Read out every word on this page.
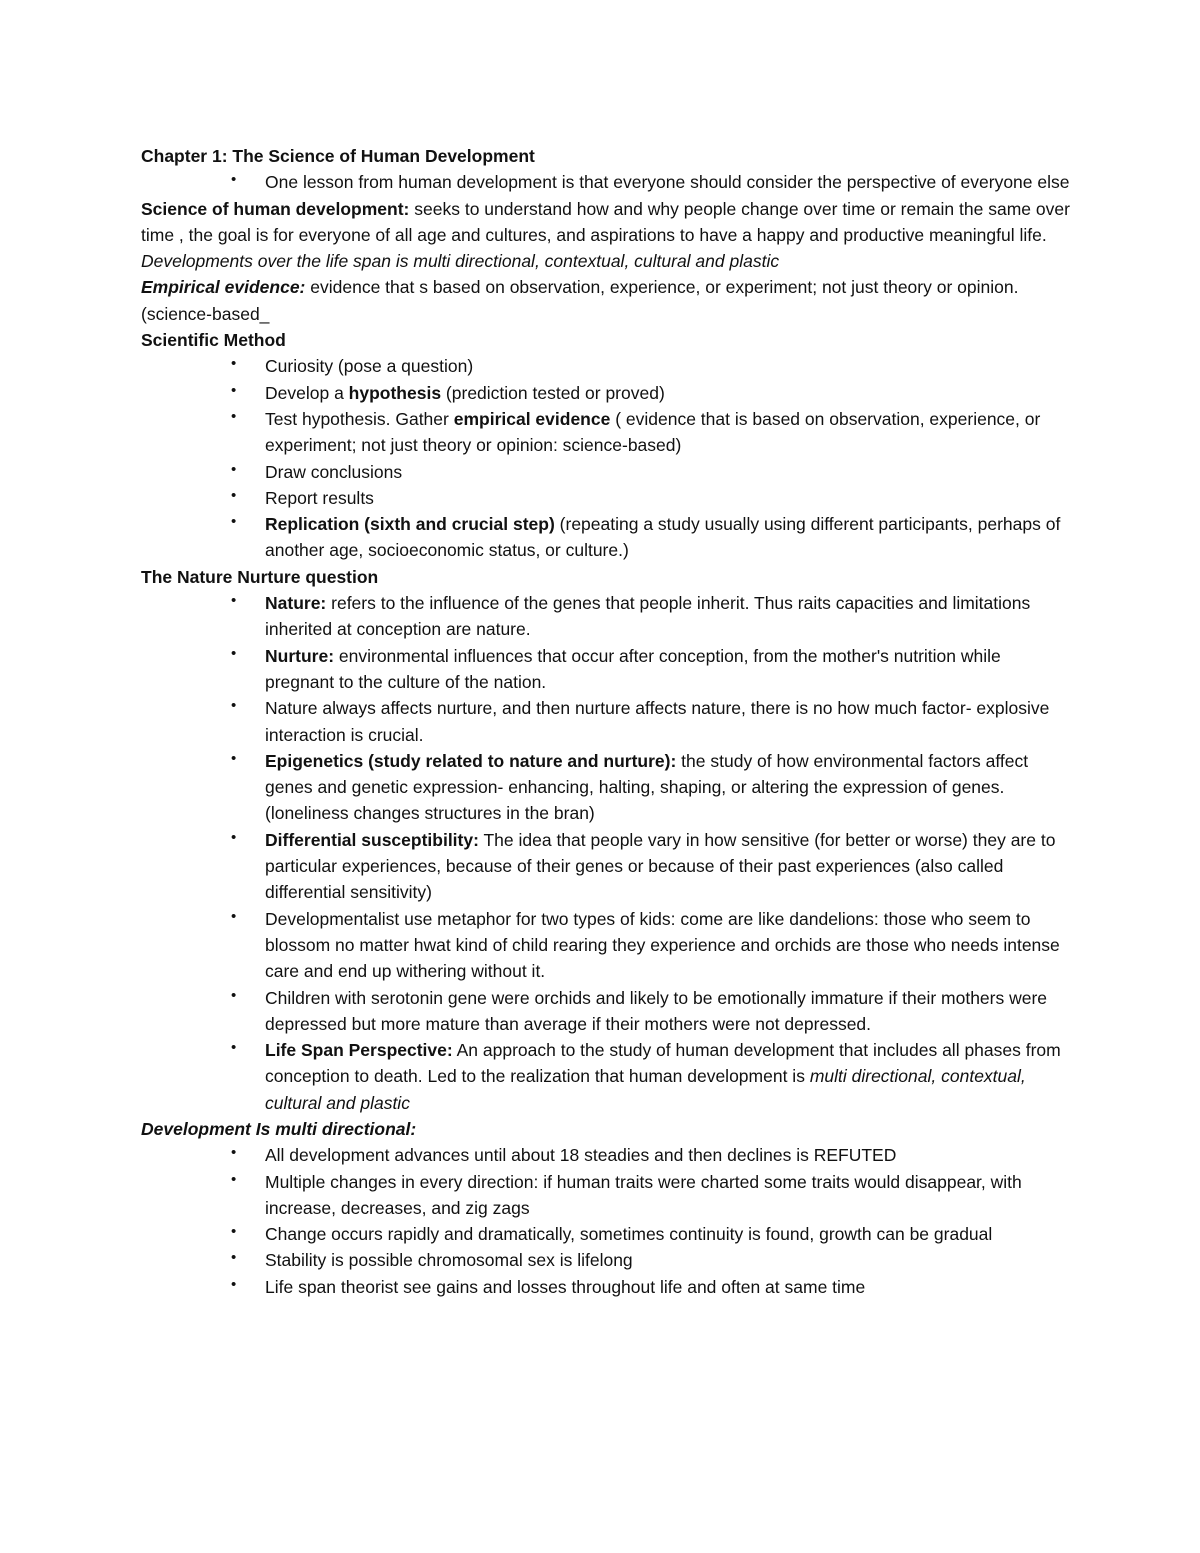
Chapter 1: The Science of Human Development

• One lesson from human development is that everyone should consider the perspective of everyone else

Science of human development: seeks to understand how and why people change over time or remain the same over time , the goal is for everyone of all age and cultures, and aspirations to have a happy and productive meaningful life.

Developments over the life span is multi directional, contextual, cultural and plastic

Empirical evidence: evidence that s based on observation, experience, or experiment; not just theory or opinion. (science-based_

Scientific Method

• Curiosity (pose a question)
• Develop a hypothesis (prediction tested or proved)
• Test hypothesis. Gather empirical evidence ( evidence that is based on observation, experience, or experiment; not just theory or opinion: science-based)
• Draw conclusions
• Report results
• Replication (sixth and crucial step) (repeating a study usually using different participants, perhaps of another age, socioeconomic status, or culture.)

The Nature Nurture question

• Nature: refers to the influence of the genes that people inherit. Thus raits capacities and limitations inherited at conception are nature.
• Nurture: environmental influences that occur after conception, from the mother's nutrition while pregnant to the culture of the nation.
• Nature always affects nurture, and then nurture affects nature, there is no how much factor- explosive interaction is crucial.
• Epigenetics (study related to nature and nurture): the study of how environmental factors affect genes and genetic expression- enhancing, halting, shaping, or altering the expression of genes. (loneliness changes structures in the bran)
• Differential susceptibility: The idea that people vary in how sensitive (for better or worse) they are to particular experiences, because of their genes or because of their past experiences (also called differential sensitivity)
• Developmentalist use metaphor for two types of kids: come are like dandelions: those who seem to blossom no matter hwat kind of child rearing they experience and orchids are those who needs intense care and end up withering without it.
• Children with serotonin gene were orchids and likely to be emotionally immature if their mothers were depressed but more mature than average if their mothers were not depressed.
• Life Span Perspective: An approach to the study of human development that includes all phases from conception to death. Led to the realization that human development is multi directional, contextual, cultural and plastic

Development Is multi directional:

• All development advances until about 18 steadies and then declines is REFUTED
• Multiple changes in every direction: if human traits were charted some traits would disappear, with increase, decreases, and zig zags
• Change occurs rapidly and dramatically, sometimes continuity is found, growth can be gradual
• Stability is possible chromosomal sex is lifelong
• Life span theorist see gains and losses throughout life and often at same time
